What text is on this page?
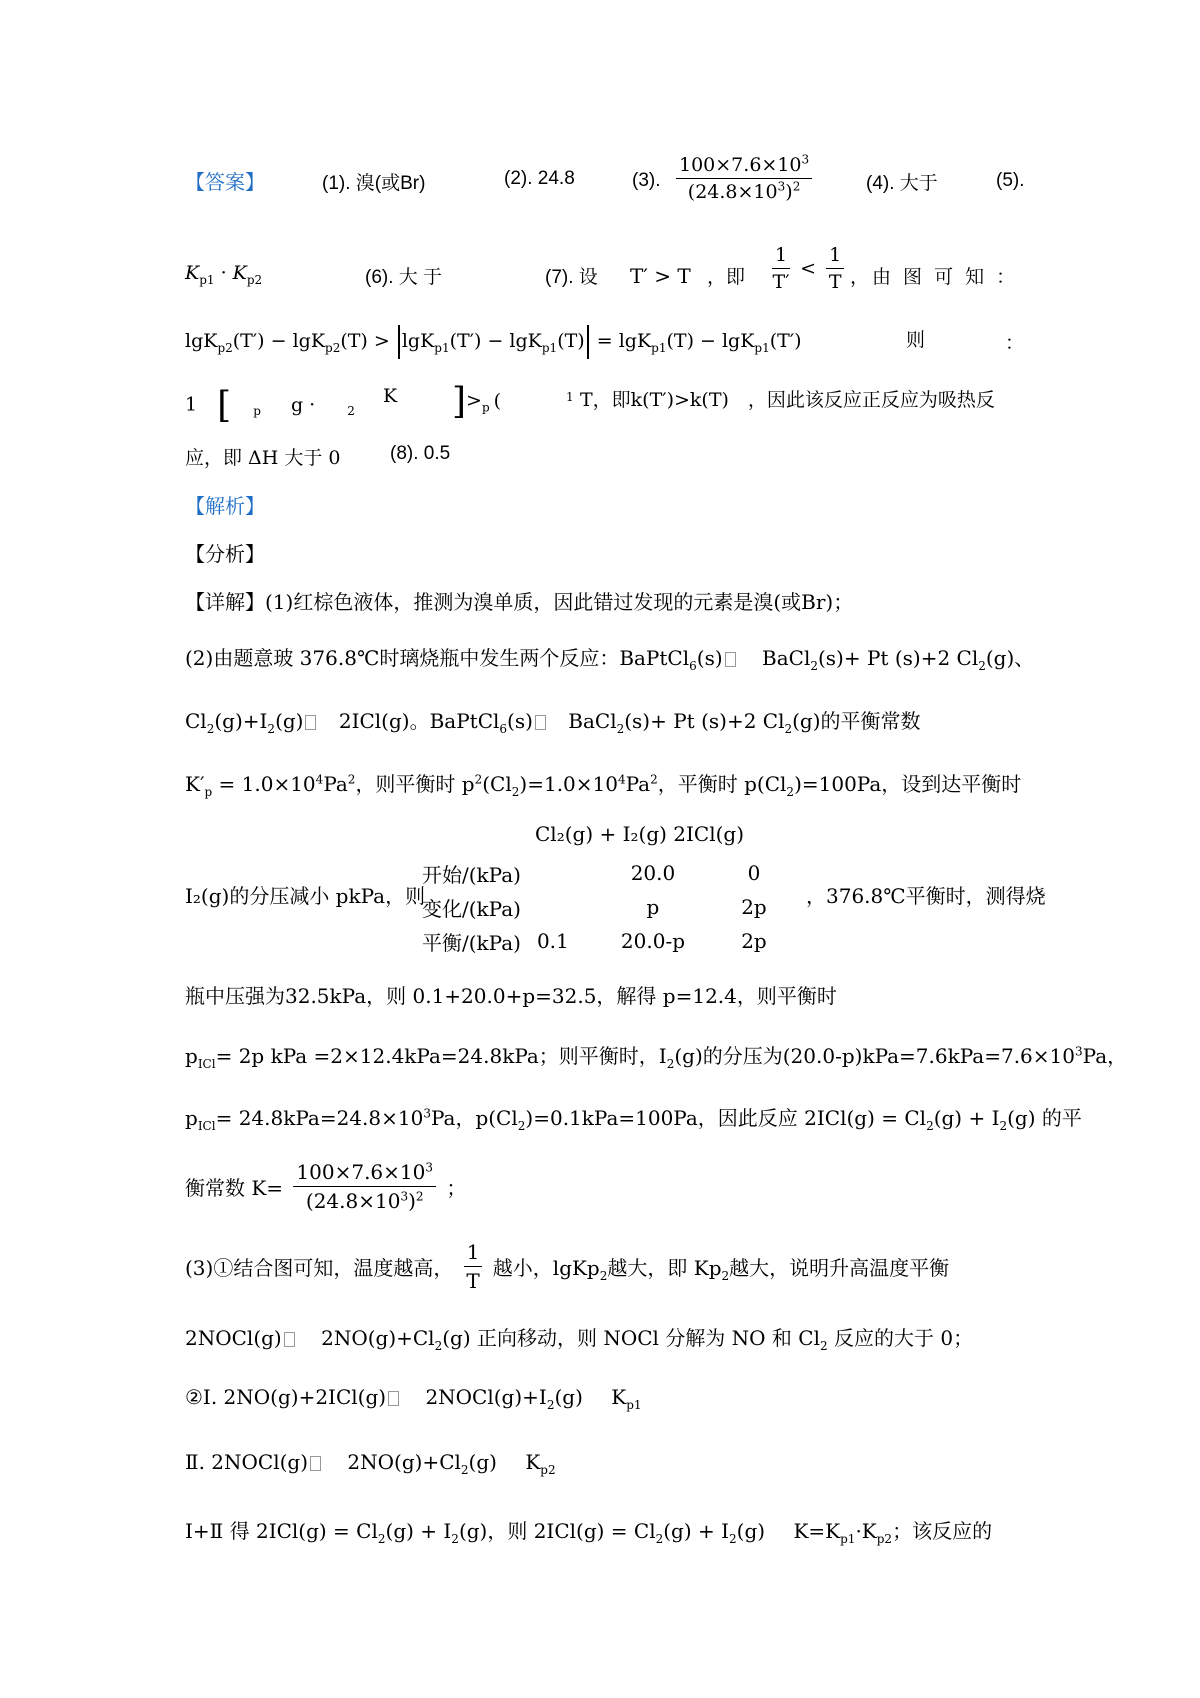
【答案】	(1). 溴(或Br)	(2). 24.8	(3). $\frac{100\times 7.6\times 10^3}{(24.8\times 10^3)^2}$	(4). 大于	(5).
$K_{p1} \cdot K_{p2}$	(6). 大 于	(7). 设 T′ > T ，即 $\frac{1}{T'} < \frac{1}{T}$ ，由 图 可 知 ：
lgK$_{p2}$(T′) − lgK$_{p2}$(T) > lgK$_{p1}$(T′) − lgK$_{p1}$(T) = lgK$_{p1}$(T) − lgK$_{p1}$(T′)	则	：
1 [ $_p$ g ·	$_2$
K ]$>_p$ (	1 T，即k(T′)>k(T)　，因此该反应正反应为吸热反
应，即 ΔH 大于 0	(8). 0.5
【解析】
【分析】
【详解】(1)红棕色液体，推测为溴单质，因此错过发现的元素是溴(或Br)；
(2)由题意玻 376.8℃时璃烧瓶中发生两个反应：BaPtCl$_6$(s) BaCl$_2$(s)+ Pt (s)+2 $Cl_2(g)$、
$Cl_2(g)+I_2(g)$ 2ICl(g)。BaPtCl$_6$(s) BaCl$_2$(s)+ Pt (s)+2 $Cl_2(g)$的平衡常数
$K'_p = 1.0\times 10^4Pa^2$，则平衡时 $p^2(Cl_2)=1.0\times 10^4Pa^2$，平衡时 $p(Cl_2)=100Pa$，设到达平衡时
Cl₂(g) + I₂(g) 2ICl(g)
I₂(g)的分压减小 pkPa，则
开始/(kPa)		20.0	0
变化/(kPa)		p	2p
平衡/(kPa)	0.1	20.0-p	2p
，376.8℃平衡时，测得烧
瓶中压强为32.5kPa，则 0.1+20.0+p=32.5，解得 p=12.4，则平衡时
$p_{ICl}= 2p$ kPa =2×12.4kPa=24.8kPa；则平衡时，$I_2(g)$的分压为$(20.0-p)kPa=7.6kPa=7.6\times 10^3Pa$，
$p_{ICl}= 24.8kPa=24.8\times 10^3Pa$，$p(Cl_2)=0.1kPa=100Pa$，因此反应 $2ICl(g) = Cl_2(g) + I_2(g)$ 的平
衡常数 $K= \frac{100\times 7.6\times 10^3}{(24.8\times 10^3)^2}$ ；
(3)①结合图可知，温度越高， $\frac{1}{T}$ 越小，lgKp$_2$越大，即 $Kp_2$越大，说明升高温度平衡
2NOCl(g) $2NO(g)+Cl_2(g)$ 正向移动，则 NOCl 分解为 NO 和 $Cl_2$ 反应的大于 0；
②Ⅰ. 2NO(g)+2ICl(g) $2NOCl(g)+I_2(g)$ $K_{p1}$
Ⅱ. 2NOCl(g) $2NO(g)+Cl_2(g)$ $K_{p2}$
Ⅰ+Ⅱ 得 $2ICl(g) = Cl_2(g) + I_2(g)$，则 $2ICl(g) = Cl_2(g) + I_2(g)$ $K=K_{p1}\cdot K_{p2}$；该反应的
